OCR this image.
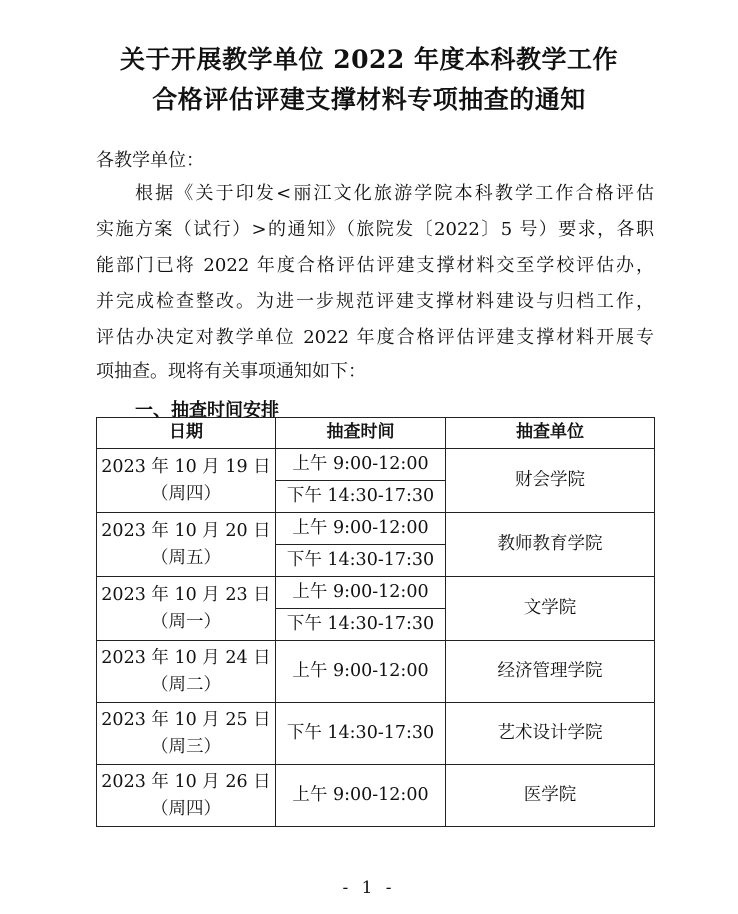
关于开展教学单位 2022 年度本科教学工作
合格评估评建支撑材料专项抽查的通知
各教学单位：
根据《关于印发<丽江文化旅游学院本科教学工作合格评估
实施方案（试行）>的通知》（旅院发〔2022〕5 号）要求，各职
能部门已将 2022 年度合格评估评建支撑材料交至学校评估办，
并完成检查整改。为进一步规范评建支撑材料建设与归档工作，
评估办决定对教学单位 2022 年度合格评估评建支撑材料开展专
项抽查。现将有关事项通知如下：
一、抽查时间安排
日期	抽查时间	抽查单位

2023 年 10 月 19 日
（周四）	上午 9:00-12:00	财会学院
	下午 14:30-17:30	

2023 年 10 月 20 日
（周五）	上午 9:00-12:00	教师教育学院
	下午 14:30-17:30	

2023 年 10 月 23 日
（周一）	上午 9:00-12:00	文学院
	下午 14:30-17:30	

2023 年 10 月 24 日
（周二）	上午 9:00-12:00	经济管理学院

2023 年 10 月 25 日
（周三）	下午 14:30-17:30	艺术设计学院

2023 年 10 月 26 日
（周四）	上午 9:00-12:00	医学院
- 1 -
